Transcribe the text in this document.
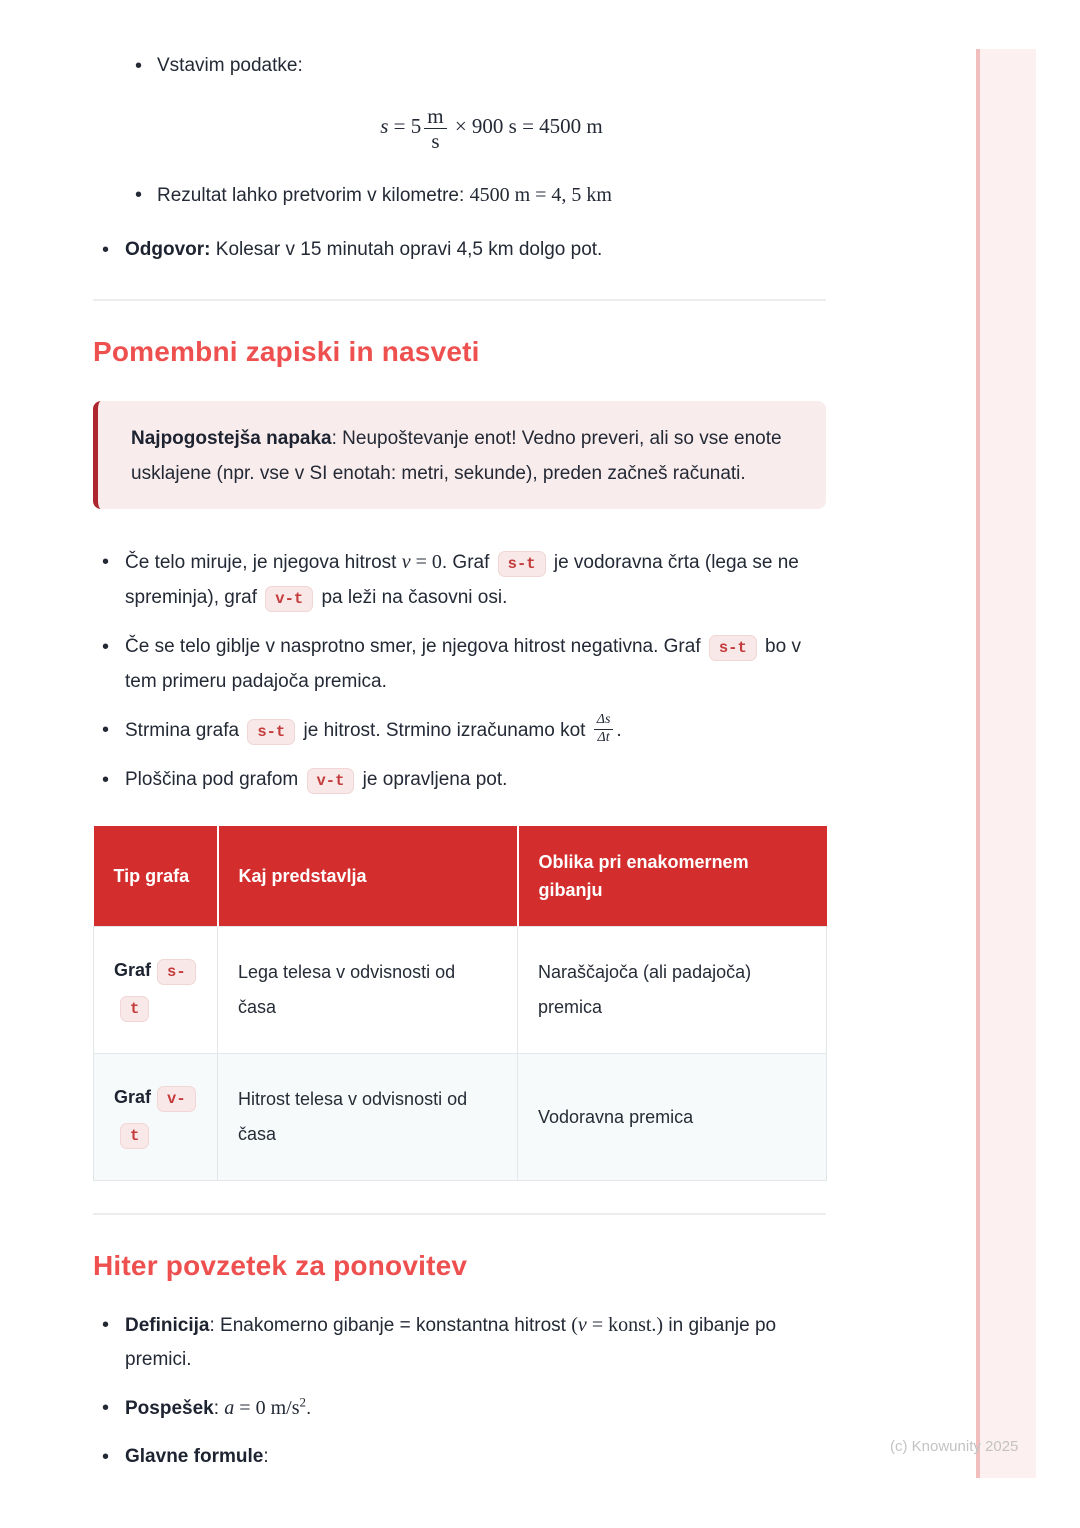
• Vstavim podatke:
$s = 5 \frac{m}{s} \times 900$ s = 4500 m
• Rezultat lahko pretvorim v kilometre: 4500 m = 4, 5 km
• Odgovor: Kolesar v 15 minutah opravi 4,5 km dolgo pot.
Pomembni zapiski in nasveti
Najpogostejša napaka: Neupoštevanje enot! Vedno preveri, ali so vse enote usklajene (npr. vse v SI enotah: metri, sekunde), preden začneš računati.
• Če telo miruje, je njegova hitrost v = 0. Graf s-t je vodoravna črta (lega se ne spreminja), graf v-t pa leži na časovni osi.
• Če se telo giblje v nasprotno smer, je njegova hitrost negativna. Graf s-t bo v tem primeru padajoča premica.
• Strmina grafa s-t je hitrost. Strmino izračunamo kot $\frac{\Delta s}{\Delta t}$ .
• Ploščina pod grafom v-t je opravljena pot.
Tip grafa	Kaj predstavlja	Oblika pri enakomernem gibanju
Graf s-t	Lega telesa v odvisnosti od časa	Naraščajoča (ali padajoča) premica
Graf v-t	Hitrost telesa v odvisnosti od časa	Vodoravna premica
Hiter povzetek za ponovitev
• Definicija: Enakomerno gibanje = konstantna hitrost (v = konst.) in gibanje po premici.
• Pospešek: a = 0 $m/s^2$.
• Glavne formule:	(c) Knowunity 2025
